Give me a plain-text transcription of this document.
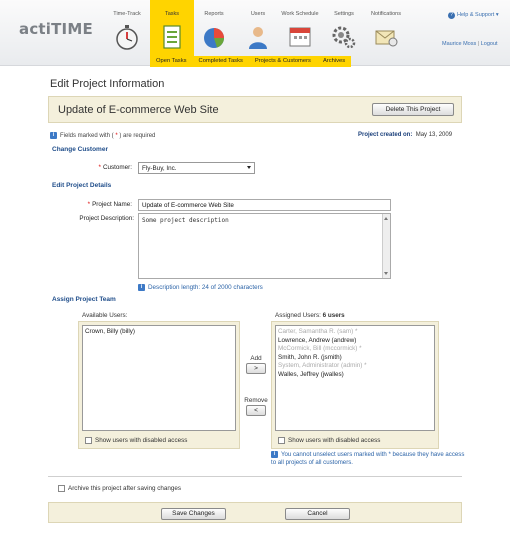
actiTIME
Time-Track	Tasks	Reports	Users	Work Schedule	Settings	Notifications	? Help & Support ▾
Maurice Moss | Logout
Open Tasks	Completed Tasks	Projects & Customers	Archives
Edit Project Information
Update of E-commerce Web Site	Delete This Project
i Fields marked with ( * ) are required	Project created on: May 13, 2009
Change Customer
* Customer:	Fly-Buy, Inc.
Edit Project Details
* Project Name:	Update of E-commerce Web Site
Project Description:	Some project description
i Description length: 24 of 2000 characters
Assign Project Team
Available Users:
Crown, Billy (billy)
Show users with disabled access
Add
>
Remove
<
Assigned Users: 6 users
Carter, Samantha R. (sam) *
Lowrence, Andrew (andrew)
McCormick, Bill (mccormick) *
Smith, John R. (jsmith)
System, Administrator (admin) *
Walles, Jeffrey (jwalles)
Show users with disabled access
i You cannot unselect users marked with * because they have access to all projects of all customers.
Archive this project after saving changes
Save Changes	Cancel
